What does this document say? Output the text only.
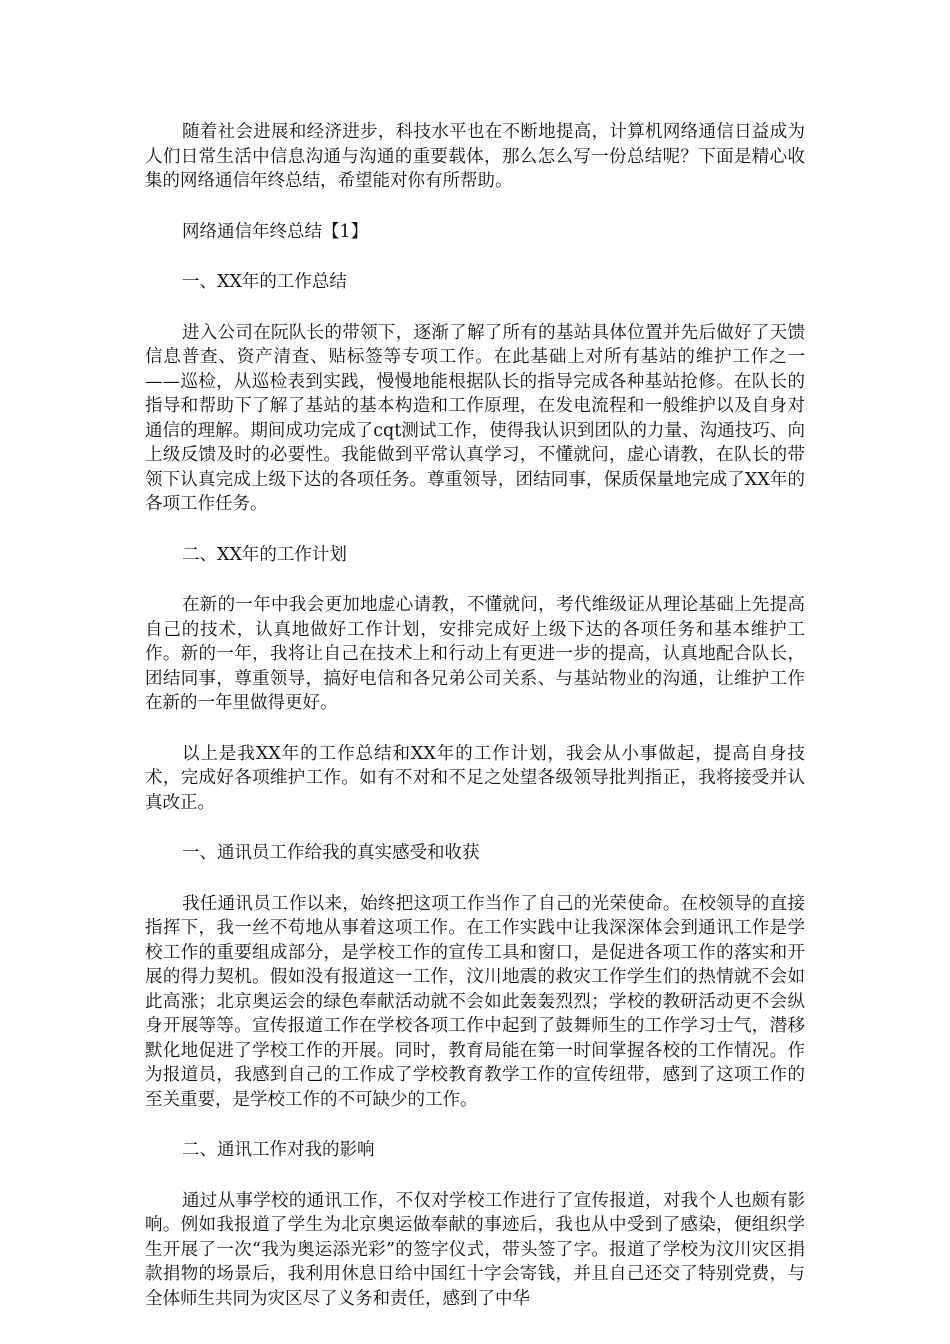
随着社会进展和经济进步，科技水平也在不断地提高，计算机网络通信日益成为人们日常生活中信息沟通与沟通的重要载体，那么怎么写一份总结呢？下面是精心收集的网络通信年终总结，希望能对你有所帮助。

网络通信年终总结【1】

一、XX年的工作总结

进入公司在阮队长的带领下，逐渐了解了所有的基站具体位置并先后做好了天馈信息普查、资产清查、贴标签等专项工作。在此基础上对所有基站的维护工作之一 ——巡检，从巡检表到实践，慢慢地能根据队长的指导完成各种基站抢修。在队长的指导和帮助下了解了基站的基本构造和工作原理，在发电流程和一般维护以及自身对通信的理解。期间成功完成了cqt测试工作，使得我认识到团队的力量、沟通技巧、向上级反馈及时的必要性。我能做到平常认真学习，不懂就问，虚心请教，在队长的带领下认真完成上级下达的各项任务。尊重领导，团结同事，保质保量地完成了XX年的各项工作任务。

二、XX年的工作计划

在新的一年中我会更加地虚心请教，不懂就问，考代维级证从理论基础上先提高自己的技术，认真地做好工作计划，安排完成好上级下达的各项任务和基本维护工作。新的一年，我将让自己在技术上和行动上有更进一步的提高，认真地配合队长，团结同事，尊重领导，搞好电信和各兄弟公司关系、与基站物业的沟通，让维护工作在新的一年里做得更好。

以上是我XX年的工作总结和XX年的工作计划，我会从小事做起，提高自身技术，完成好各项维护工作。如有不对和不足之处望各级领导批判指正，我将接受并认真改正。

一、通讯员工作给我的真实感受和收获

我任通讯员工作以来，始终把这项工作当作了自己的光荣使命。在校领导的直接指挥下，我一丝不苟地从事着这项工作。在工作实践中让我深深体会到通讯工作是学校工作的重要组成部分，是学校工作的宣传工具和窗口，是促进各项工作的落实和开展的得力契机。假如没有报道这一工作，汶川地震的救灾工作学生们的热情就不会如此高涨；北京奥运会的绿色奉献活动就不会如此轰轰烈烈；学校的教研活动更不会纵身开展等等。宣传报道工作在学校各项工作中起到了鼓舞师生的工作学习士气，潜移默化地促进了学校工作的开展。同时，教育局能在第一时间掌握各校的工作情况。作为报道员，我感到自己的工作成了学校教育教学工作的宣传纽带，感到了这项工作的至关重要，是学校工作的不可缺少的工作。

二、通讯工作对我的影响

通过从事学校的通讯工作，不仅对学校工作进行了宣传报道，对我个人也颇有影响。例如我报道了学生为北京奥运做奉献的事迹后，我也从中受到了感染，便组织学生开展了一次“我为奥运添光彩”的签字仪式，带头签了字。报道了学校为汶川灾区捐款捐物的场景后，我利用休息日给中国红十字会寄钱，并且自己还交了特别党费，与全体师生共同为灾区尽了义务和责任，感到了中华
